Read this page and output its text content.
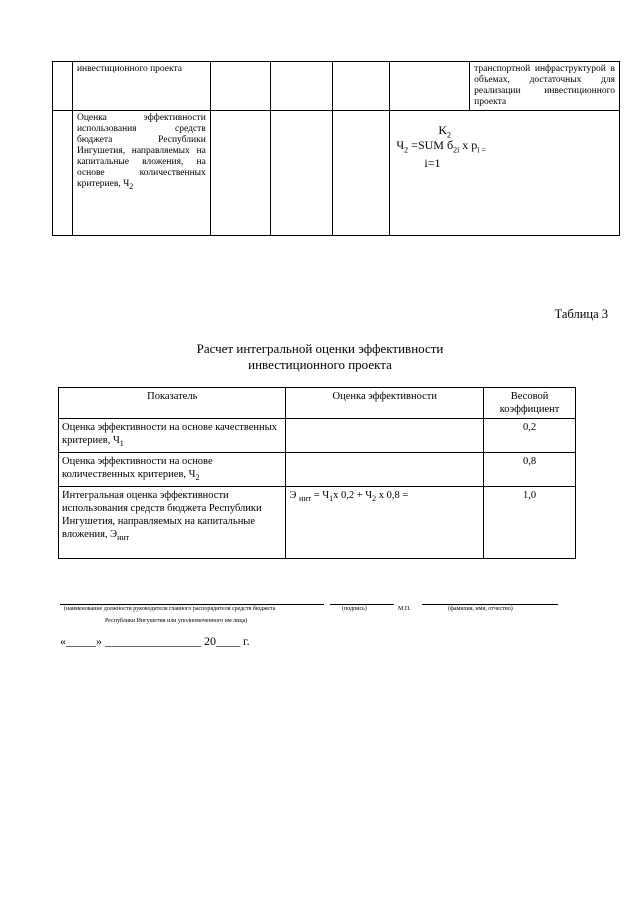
	инвестиционного проекта					транспортной инфраструктурой в объемах, достаточных для реализации инвестиционного проекта
	Оценка эффективности использования средств бюджета Республики Ингушетия, направляемых на капитальные вложения, на основе количественных критериев, $Ч_2$				$K_2$
$Ч_2 =SUM$ $б_{2i}$ х $р_{i =}$
i=1	
Таблица 3
Расчет интегральной оценки эффективности
инвестиционного проекта
Показатель	Оценка эффективности	Весовой коэффициент
Оценка эффективности на основе качественных критериев, $Ч_1$		0,2
Оценка эффективности на основе количественных критериев, $Ч_2$		0,8
Интегральная оценка эффективности использования средств бюджета Республики Ингушетия, направляемых на капитальные вложения, $Э_{инт}$	Э $_{инт} = Ч_1х$ $0,2 + Ч_2$ х 0,8 =	1,0
(наименование должности руководителя главного распорядителя средств бюджета
Республики Ингушетия или уполномоченного им лица)
(подпись)	М.П.	(фамилия, имя, отчество)
«_____» ________________ 20____ г.
